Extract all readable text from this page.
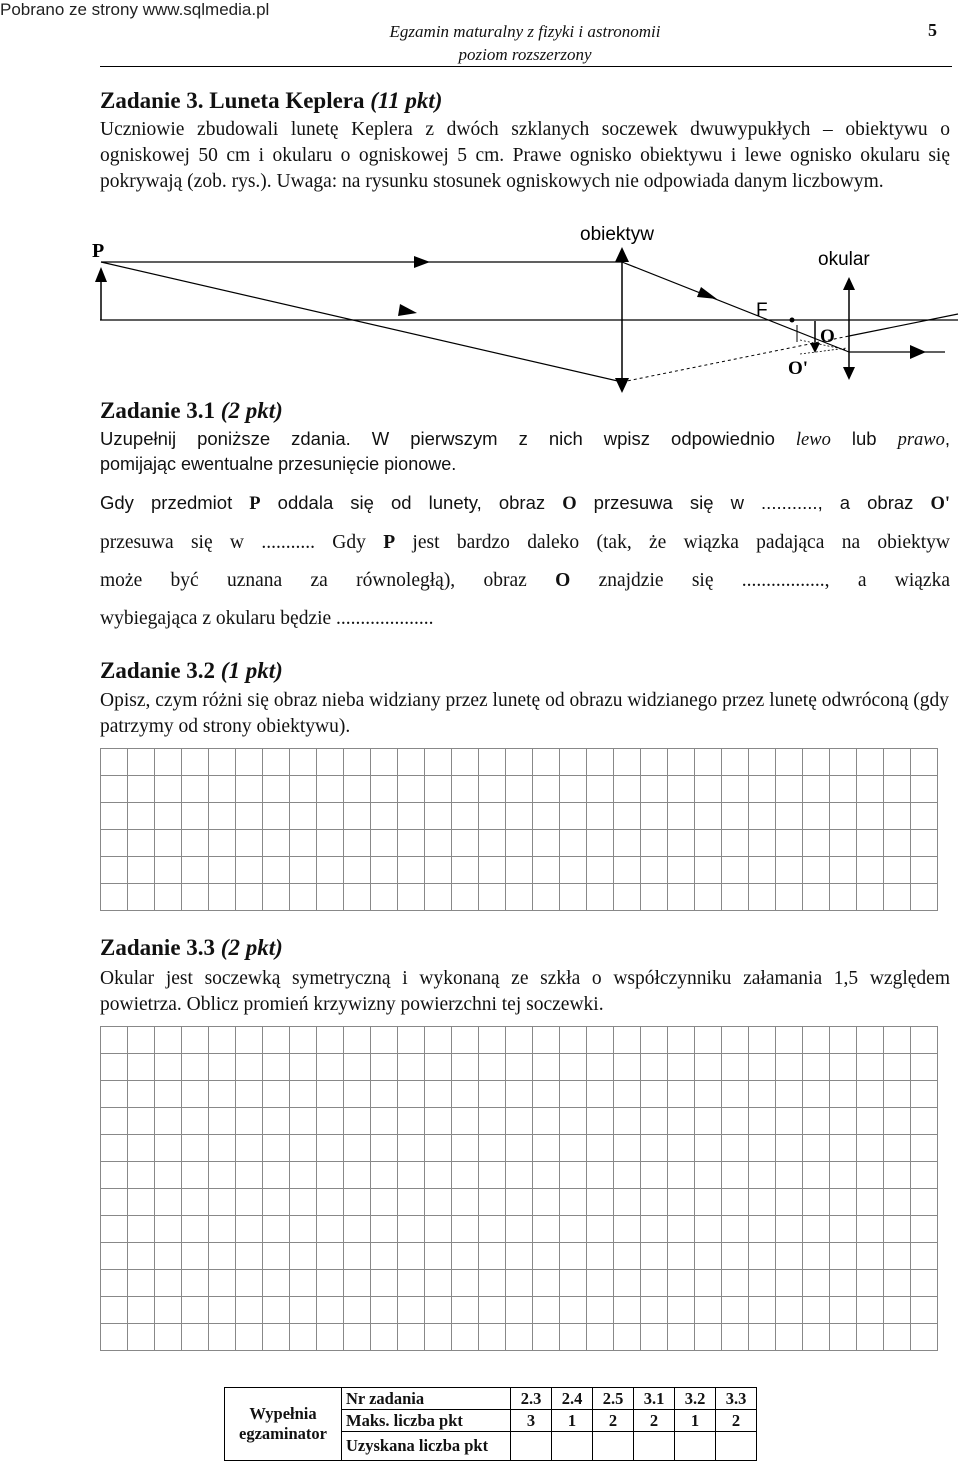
Pobrano ze strony www.sqlmedia.pl
Egzamin maturalny z fizyki i astronomii
poziom rozszerzony
5
Zadanie 3. Luneta Keplera (11 pkt)
Uczniowie zbudowali lunetę Keplera z dwóch szklanych soczewek dwuwypukłych – obiektywu o ogniskowej 50 cm i okularu o ogniskowej 5 cm. Prawe ognisko obiektywu i lewe ognisko okularu się pokrywają (zob. rys.). Uwaga: na rysunku stosunek ogniskowych nie odpowiada danym liczbowym.
P
obiektyw
okular
F
O
O'
Zadanie 3.1 (2 pkt)
Uzupełnij poniższe zdania. W pierwszym z nich wpisz odpowiednio lewo lub prawo,
pomijając ewentualne przesunięcie pionowe.
Gdy przedmiot P oddala się od lunety, obraz O przesuwa się w ..........., a obraz O'
przesuwa się w ........... Gdy P jest bardzo daleko (tak, że wiązka padająca na obiektyw
może być uznana za równoległą), obraz O znajdzie się ................., a wiązka
wybiegająca z okularu będzie ....................
Zadanie 3.2 (1 pkt)
Opisz, czym różni się obraz nieba widziany przez lunetę od obrazu widzianego przez lunetę odwróconą (gdy patrzymy od strony obiektywu).

Zadanie 3.3 (2 pkt)
Okular jest soczewką symetryczną i wykonaną ze szkła o współczynniku załamania 1,5 względem powietrza. Oblicz promień krzywizny powierzchni tej soczewki.

Wypełnia
egzaminator	Nr zadania	2.3	2.4	2.5	3.1	3.2	3.3
	Maks. liczba pkt	3	1	2	2	1	2
	Uzyskana liczba pkt						
